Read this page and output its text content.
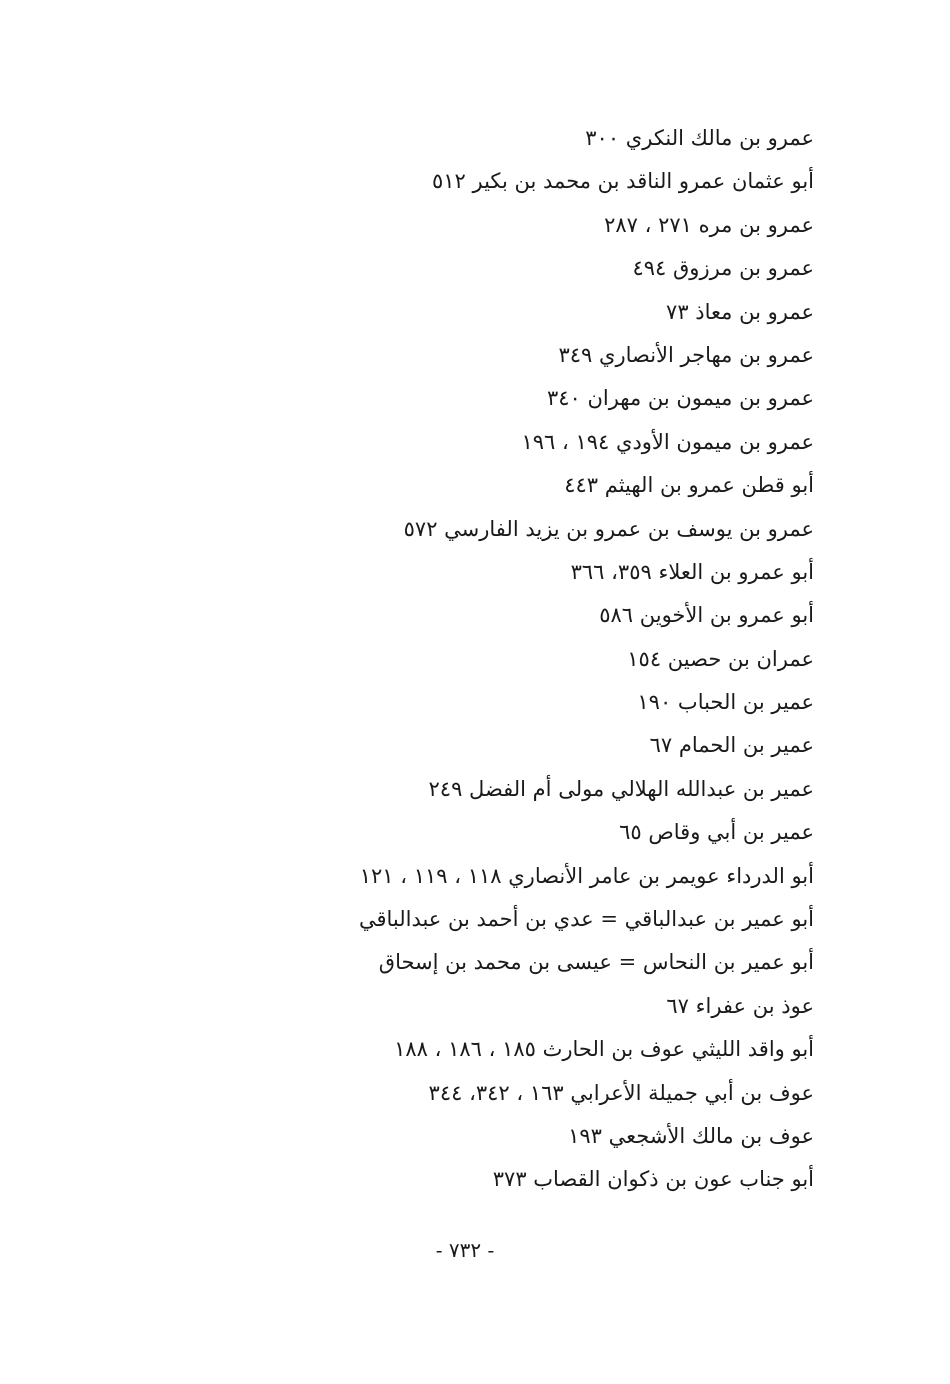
عمرو بن مالك النكري ٣٠٠
أبو عثمان عمرو الناقد بن محمد بن بكير ٥١٢
عمرو بن مره ٢٧١ ، ٢٨٧
عمرو بن مرزوق ٤٩٤
عمرو بن معاذ ٧٣
عمرو بن مهاجر الأنصاري ٣٤٩
عمرو بن ميمون بن مهران ٣٤٠
عمرو بن ميمون الأودي ١٩٤ ، ١٩٦
أبو قطن عمرو بن الهيثم ٤٤٣
عمرو بن يوسف بن عمرو بن يزيد الفارسي ٥٧٢
أبو عمرو بن العلاء ٣٥٩، ٣٦٦
أبو عمرو بن الأخوين ٥٨٦
عمران بن حصين ١٥٤
عمير بن الحباب ١٩٠
عمير بن الحمام ٦٧
عمير بن عبدالله الهلالي مولى أم الفضل ٢٤٩
عمير بن أبي وقاص ٦٥
أبو الدرداء عويمر بن عامر الأنصاري ١١٨ ، ١١٩ ، ١٢١
أبو عمير بن عبدالباقي = عدي بن أحمد بن عبدالباقي
أبو عمير بن النحاس = عيسى بن محمد بن إسحاق
عوذ بن عفراء ٦٧
أبو واقد الليثي عوف بن الحارث ١٨٥ ، ١٨٦ ، ١٨٨
عوف بن أبي جميلة الأعرابي ١٦٣ ، ٣٤٢، ٣٤٤
عوف بن مالك الأشجعي ١٩٣
أبو جناب عون بن ذكوان القصاب ٣٧٣
- ٧٣٢ -
